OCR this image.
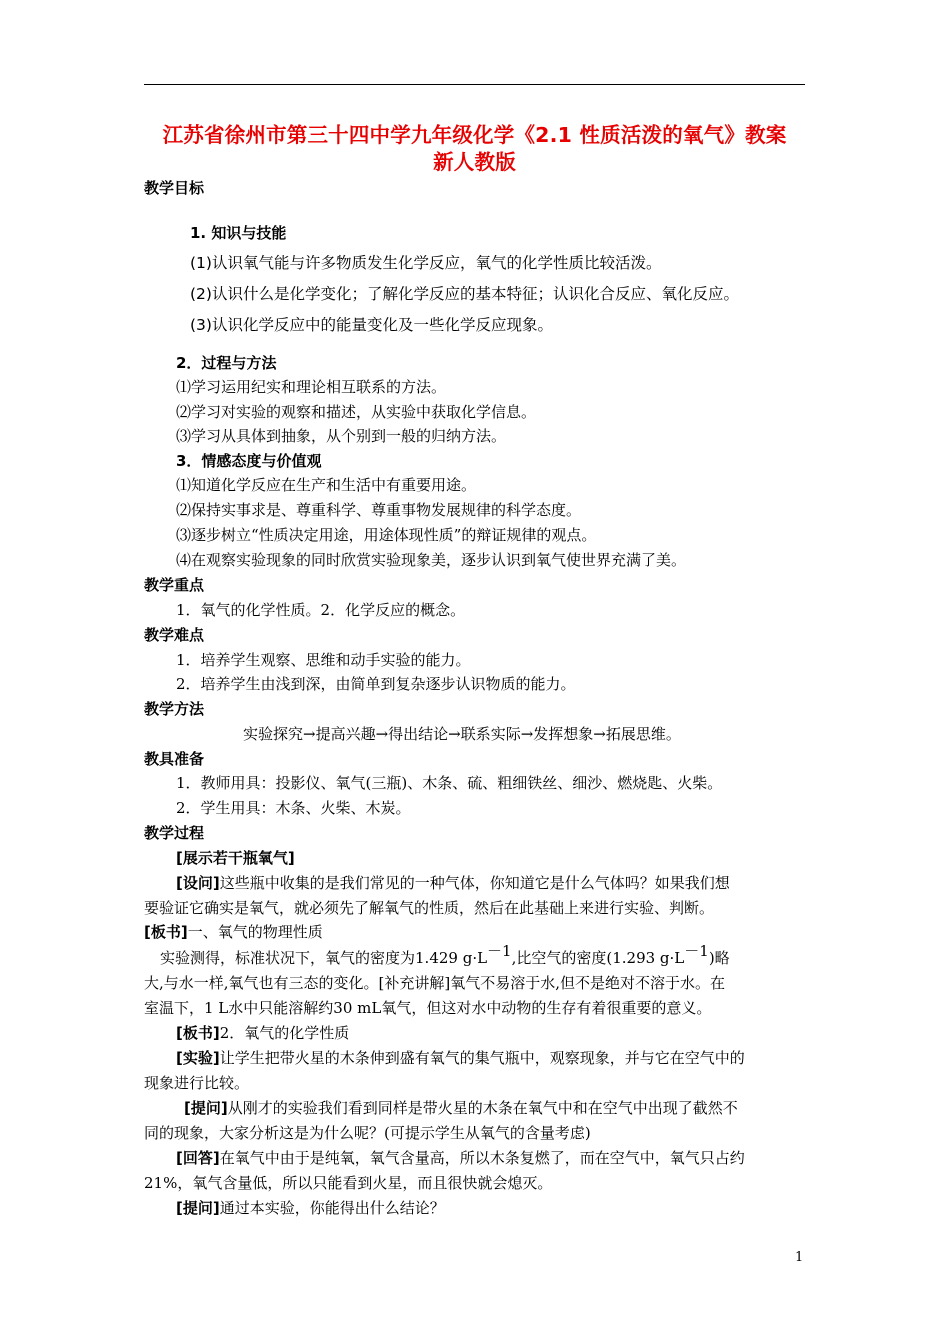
江苏省徐州市第三十四中学九年级化学《2.1 性质活泼的氧气》教案
新人教版
教学目标
1. 知识与技能
(1)认识氧气能与许多物质发生化学反应，氧气的化学性质比较活泼。
(2)认识什么是化学变化；了解化学反应的基本特征；认识化合反应、氧化反应。
(3)认识化学反应中的能量变化及一些化学反应现象。
2．过程与方法
⑴学习运用纪实和理论相互联系的方法。
⑵学习对实验的观察和描述，从实验中获取化学信息。
⑶学习从具体到抽象，从个别到一般的归纳方法。
3．情感态度与价值观
⑴知道化学反应在生产和生活中有重要用途。
⑵保持实事求是、尊重科学、尊重事物发展规律的科学态度。
⑶逐步树立“性质决定用途，用途体现性质”的辩证规律的观点。
⑷在观察实验现象的同时欣赏实验现象美，逐步认识到氧气使世界充满了美。
教学重点
1．氧气的化学性质。2．化学反应的概念。
教学难点
1．培养学生观察、思维和动手实验的能力。
2．培养学生由浅到深，由简单到复杂逐步认识物质的能力。
教学方法
实验探究→提高兴趣→得出结论→联系实际→发挥想象→拓展思维。
教具准备
1．教师用具：投影仪、氧气(三瓶)、木条、硫、粗细铁丝、细沙、燃烧匙、火柴。
2．学生用具：木条、火柴、木炭。
教学过程
[展示若干瓶氧气]
[设问]这些瓶中收集的是我们常见的一种气体，你知道它是什么气体吗？如果我们想
要验证它确实是氧气，就必须先了解氧气的性质，然后在此基础上来进行实验、判断。
[板书]一、氧气的物理性质
实验测得，标准状况下，氧气的密度为1.429 $g\cdot L^{-1}$,比空气的密度(1.293 $g\cdot L^{-1}$)略
大,与水一样,氧气也有三态的变化。[补充讲解]氧气不易溶于水,但不是绝对不溶于水。在
室温下，1 L水中只能溶解约30 mL氧气，但这对水中动物的生存有着很重要的意义。
[板书]2．氧气的化学性质
[实验]让学生把带火星的木条伸到盛有氧气的集气瓶中，观察现象，并与它在空气中的
现象进行比较。
[提问]从刚才的实验我们看到同样是带火星的木条在氧气中和在空气中出现了截然不
同的现象，大家分析这是为什么呢？(可提示学生从氧气的含量考虑)
[回答]在氧气中由于是纯氧，氧气含量高，所以木条复燃了，而在空气中，氧气只占约
21%，氧气含量低，所以只能看到火星，而且很快就会熄灭。
[提问]通过本实验，你能得出什么结论？
1
